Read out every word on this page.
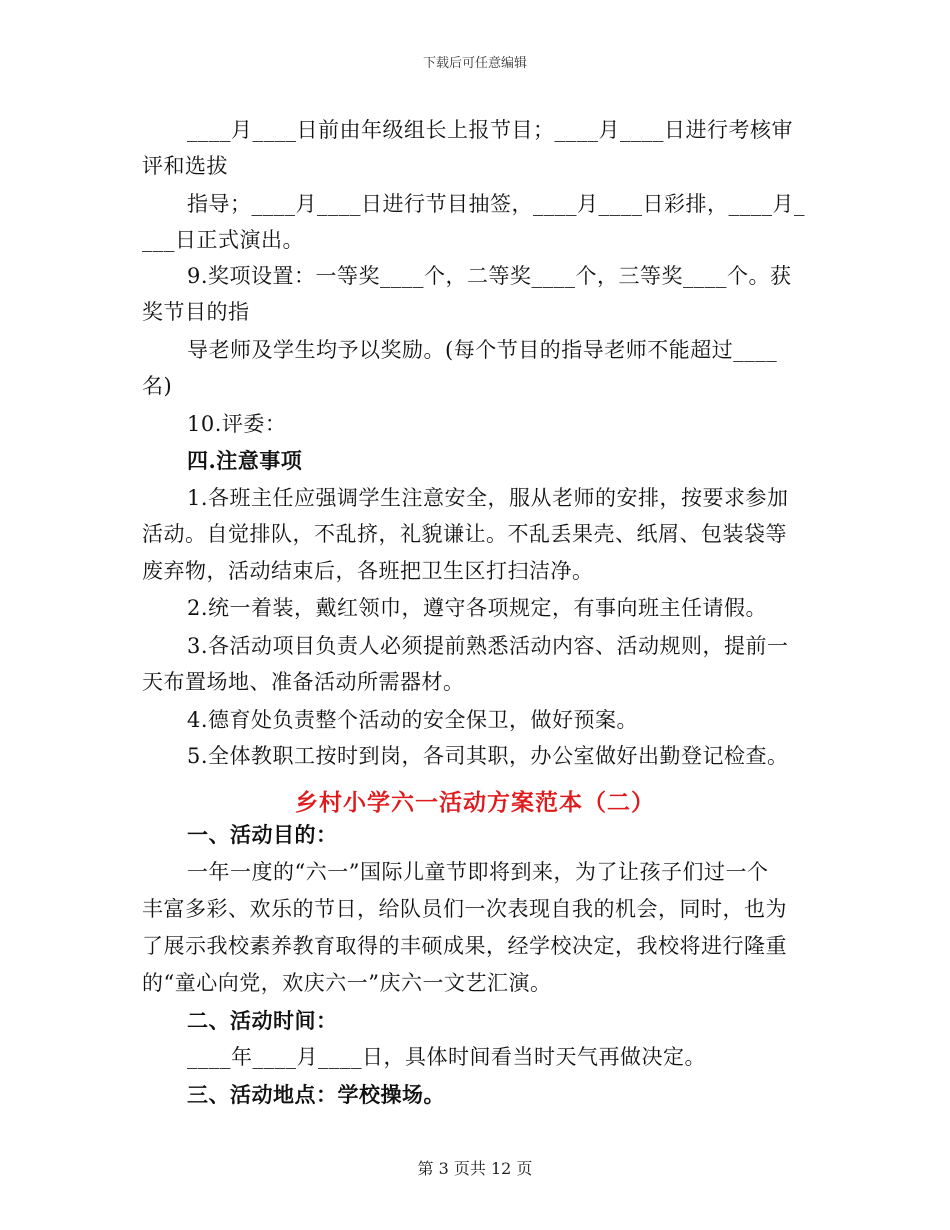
下载后可任意编辑
____月____日前由年级组长上报节目；____月____日进行考核审
评和选拔
指导；____月____日进行节目抽签，____月____日彩排，____月_
___日正式演出。
9.奖项设置：一等奖____个，二等奖____个，三等奖____个。获
奖节目的指
导老师及学生均予以奖励。(每个节目的指导老师不能超过____
名)
10.评委：
四.注意事项
1.各班主任应强调学生注意安全，服从老师的安排，按要求参加
活动。自觉排队，不乱挤，礼貌谦让。不乱丢果壳、纸屑、包装袋等
废弃物，活动结束后，各班把卫生区打扫洁净。
2.统一着装，戴红领巾，遵守各项规定，有事向班主任请假。
3.各活动项目负责人必须提前熟悉活动内容、活动规则，提前一
天布置场地、准备活动所需器材。
4.德育处负责整个活动的安全保卫，做好预案。
5.全体教职工按时到岗，各司其职，办公室做好出勤登记检查。
乡村小学六一活动方案范本（二）
一、活动目的：
一年一度的“六一”国际儿童节即将到来，为了让孩子们过一个
丰富多彩、欢乐的节日，给队员们一次表现自我的机会，同时，也为
了展示我校素养教育取得的丰硕成果，经学校决定，我校将进行隆重
的“童心向党，欢庆六一”庆六一文艺汇演。
二、活动时间：
____年____月____日，具体时间看当时天气再做决定。
三、活动地点：学校操场。
第 3 页共 12 页
